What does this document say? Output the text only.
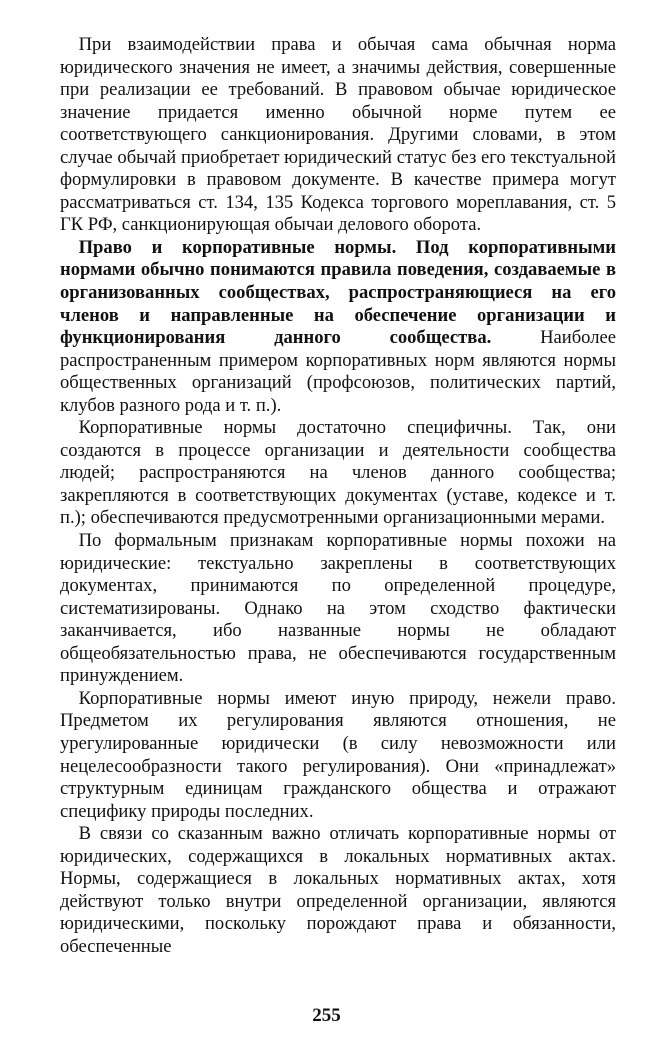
При взаимодействии права и обычая сама обычная норма юридического значения не имеет, а значимы действия, совершенные при реализации ее требований. В правовом обычае юридическое значение придается именно обычной норме путем ее соответствующего санкционирования. Другими словами, в этом случае обычай приобретает юридический статус без его текстуальной формулировки в правовом документе. В качестве примера могут рассматриваться ст. 134, 135 Кодекса торгового мореплавания, ст. 5 ГК РФ, санкционирующая обычаи делового оборота.

Право и корпоративные нормы. Под корпоративными нормами обычно понимаются правила поведения, создаваемые в организованных сообществах, распространяющиеся на его членов и направленные на обеспечение организации и функционирования данного сообщества. Наиболее распространенным примером корпоративных норм являются нормы общественных организаций (профсоюзов, политических партий, клубов разного рода и т. п.).

Корпоративные нормы достаточно специфичны. Так, они создаются в процессе организации и деятельности сообщества людей; распространяются на членов данного сообщества; закрепляются в соответствующих документах (уставе, кодексе и т. п.); обеспечиваются предусмотренными организационными мерами.

По формальным признакам корпоративные нормы похожи на юридические: текстуально закреплены в соответствующих документах, принимаются по определенной процедуре, систематизированы. Однако на этом сходство фактически заканчивается, ибо названные нормы не обладают общеобязательностью права, не обеспечиваются государственным принуждением.

Корпоративные нормы имеют иную природу, нежели право. Предметом их регулирования являются отношения, не урегулированные юридически (в силу невозможности или нецелесообразности такого регулирования). Они «принадлежат» структурным единицам гражданского общества и отражают специфику природы последних.

В связи со сказанным важно отличать корпоративные нормы от юридических, содержащихся в локальных нормативных актах. Нормы, содержащиеся в локальных нормативных актах, хотя действуют только внутри определенной организации, являются юридическими, поскольку порождают права и обязанности, обеспеченные

255
